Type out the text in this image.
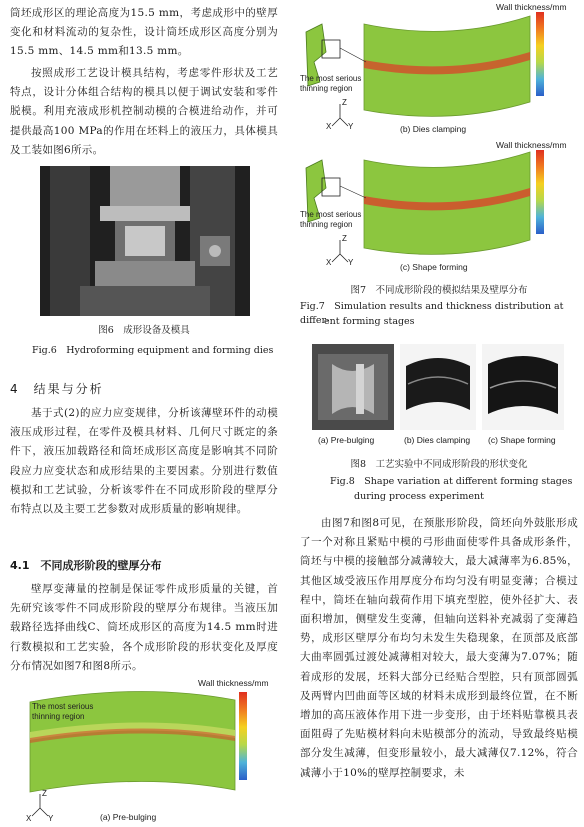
筒坯成形区的理论高度为15.5 mm，考虑成形中的壁厚变化和材料流动的复杂性，设计筒坯成形区高度分别为15.5 mm、14.5 mm和13.5 mm。

按照成形工艺设计模具结构，考虑零件形状及工艺特点，设计分体组合结构的模具以便于调试安装和零件脱模。利用充液成形机控制动模的合模进给动作，并可提供最高100 MPa的作用在坯料上的液压力，具体模具及工装如图6所示。

图6　成形设备及模具

Fig.6　Hydroforming equipment and forming dies

4　结果与分析

基于式(2)的应力应变规律，分析该薄壁环件的动模液压成形过程，在零件及模具材料、几何尺寸既定的条件下，液压加载路径和筒坯成形区高度是影响其不同阶段应力应变状态和成形结果的主要因素。分别进行数值模拟和工艺试验，分析该零件在不同成形阶段的壁厚分布特点以及主要工艺参数对成形质量的影响规律。

4.1　不同成形阶段的壁厚分布

壁厚变薄量的控制是保证零件成形质量的关键，首先研究该零件不同成形阶段的壁厚分布规律。当液压加载路径选择曲线C、筒坯成形区的高度为14.5 mm时进行数模拟和工艺实验，各个成形阶段的形状变化及厚度分布情况如图7和图8所示。

Wall thickness/mm
The most serious thinning region
Z
X Y	(a) Pre-bulging
Wall thickness/mm
The most serious thinning region
Z
X Y	(b) Dies clamping
Wall thickness/mm
The most serious thinning region
Z
X Y	(c) Shape forming

图7　不同成形阶段的模拟结果及壁厚分布

Fig.7　Simulation results and thickness distribution at differ-

ent forming stages

(a) Pre-bulging	(b) Dies clamping (c) Shape forming

图8　工艺实验中不同成形阶段的形状变化

Fig.8　Shape variation at different forming stages

during process experiment

由图7和图8可见，在预胀形阶段，筒坯向外鼓胀形成了一个对称且紧贴中模的弓形曲面使零件具备成形条件，筒坯与中模的接触部分减薄较大，最大减薄率为6.85%，其他区域受液压作用厚度分布均匀没有明显变薄；合模过程中，筒坯在轴向载荷作用下填充型腔，使外径扩大、表面积增加，侧壁发生变薄，但轴向送料补充减弱了变薄趋势，成形区壁厚分布均匀未发生失稳现象，在顶部及底部大曲率圆弧过渡处减薄相对较大，最大变薄为7.07%；随着成形的发展，坯料大部分已经贴合型腔，只有顶部圆弧及两臂内凹曲面等区域的材料未成形到最终位置，在不断增加的高压液体作用下进一步变形，由于坯料贴靠模具表面阻碍了先贴模材料向未贴模部分的流动，导致最终贴模部分发生减薄，但变形量较小，最大减薄仅7.12%，符合减薄小于10%的壁厚控制要求，未
